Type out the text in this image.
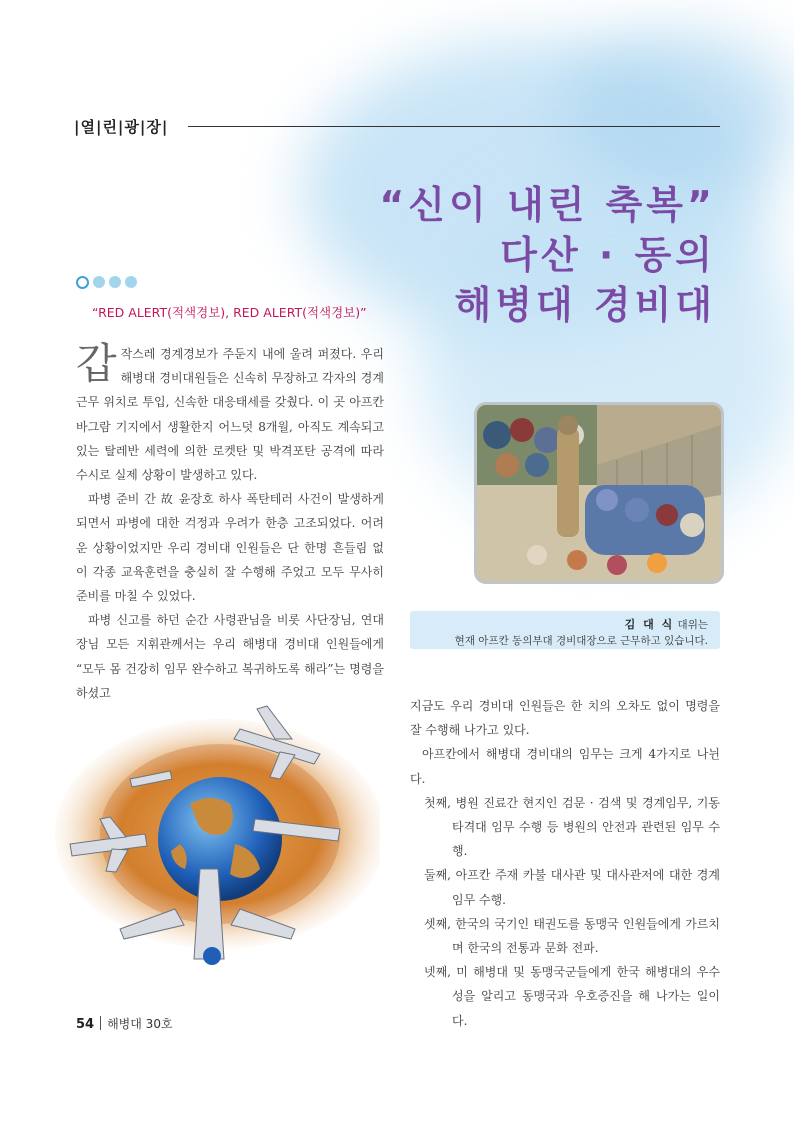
|열|린|광|장|
“신이 내린 축복”
다산 · 동의
해병대 경비대
“RED ALERT(적색경보), RED ALERT(적색경보)”

갑작스레 경계경보가 주둔지 내에 울려 퍼졌다. 우리 해병대 경비대원들은 신속히 무장하고 각자의 경계 근무 위치로 투입, 신속한 대응태세를 갖췄다. 이 곳 아프칸 바그람 기지에서 생활한지 어느덧 8개월, 아직도 계속되고 있는 탈레반 세력에 의한 로켓탄 및 박격포탄 공격에 따라 수시로 실제 상황이 발생하고 있다.

파병 준비 간 故 윤장호 하사 폭탄테러 사건이 발생하게 되면서 파병에 대한 걱정과 우려가 한층 고조되었다. 어려운 상황이었지만 우리 경비대 인원들은 단 한명 흔들림 없이 각종 교육훈련을 충실히 잘 수행해 주었고 모두 무사히 준비를 마칠 수 있었다.

파병 신고를 하던 순간 사령관님을 비롯 사단장님, 연대장님 모든 지휘관께서는 우리 해병대 경비대 인원들에게 “모두 몸 건강히 임무 완수하고 복귀하도록 해라”는 명령을 하셨고

김 대 식 대위는
현재 아프칸 동의부대 경비대장으로 근무하고 있습니다.

지금도 우리 경비대 인원들은 한 치의 오차도 없이 명령을 잘 수행해 나가고 있다.

아프칸에서 해병대 경비대의 임무는 크게 4가지로 나뉜다.

첫째, 병원 진료간 현지인 검문 · 검색 및 경계임무, 기동타격대 임무 수행 등 병원의 안전과 관련된 임무 수행.

둘째, 아프칸 주재 카불 대사관 및 대사관저에 대한 경계 임무 수행.

셋째, 한국의 국기인 태권도를 동맹국 인원들에게 가르치며 한국의 전통과 문화 전파.

넷째, 미 해병대 및 동맹국군들에게 한국 해병대의 우수성을 알리고 동맹국과 우호증진을 해 나가는 일이다.

54 해병대 30호
